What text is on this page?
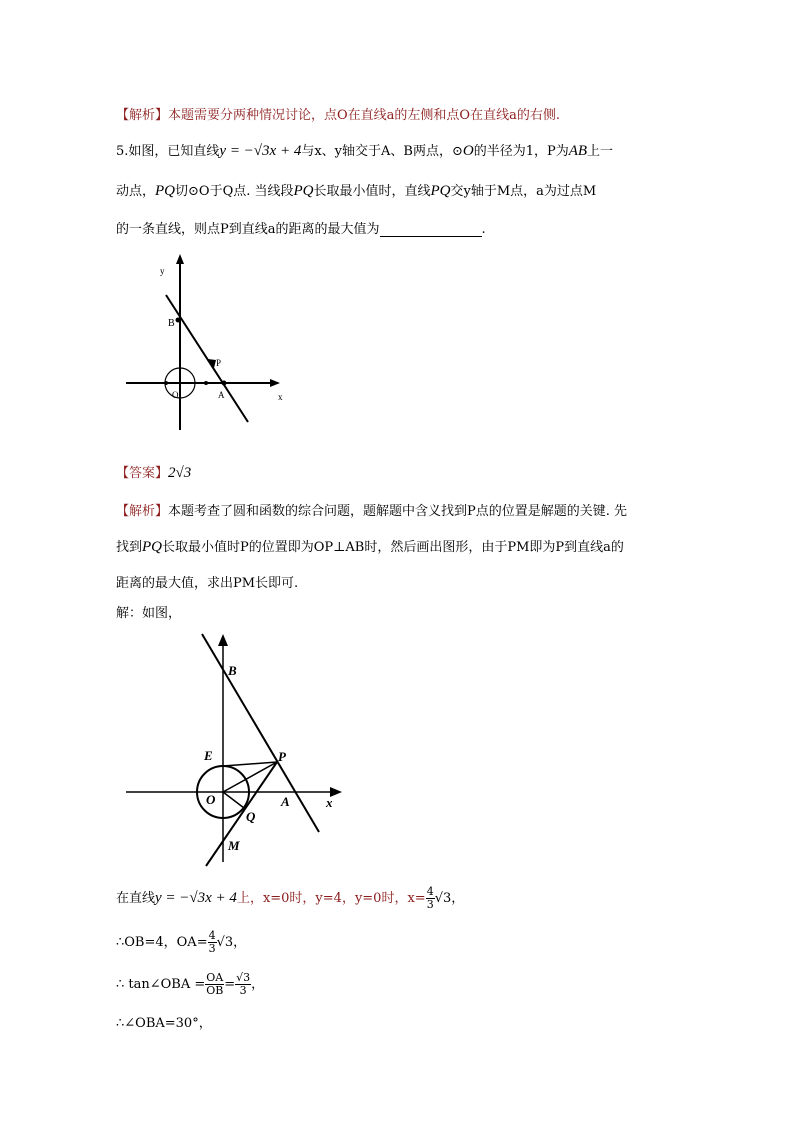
【解析】本题需要分两种情况讨论，点O在直线a的左侧和点O在直线a的右侧.
5.如图，已知直线y = −√3x + 4与x、y轴交于A、B两点，⊙O的半径为1，P为AB上一
动点，PQ切⊙O于Q点. 当线段PQ长取最小值时，直线PQ交y轴于M点，a为过点M
的一条直线，则点P到直线a的距离的最大值为	.
y
x
B
P
O	A
【答案】2√3
【解析】本题考查了圆和函数的综合问题，题解题中含义找到P点的位置是解题的关键. 先
找到PQ长取最小值时P的位置即为OP⊥AB时，然后画出图形，由于PM即为P到直线a的
距离的最大值，求出PM长即可.
解：如图，
B
E	P
O	A	x
Q
M
在直线y = −√3x + 4上，x=0时，y=4，y=0时，$x= \frac{4}{3} √3$，
∴OB=4，$OA= \frac{4}{3} √3$，
∴ tan∠OBA = $\frac{OA}{OB} = \frac{√3}{3}$ ，
∴∠OBA=30°，
